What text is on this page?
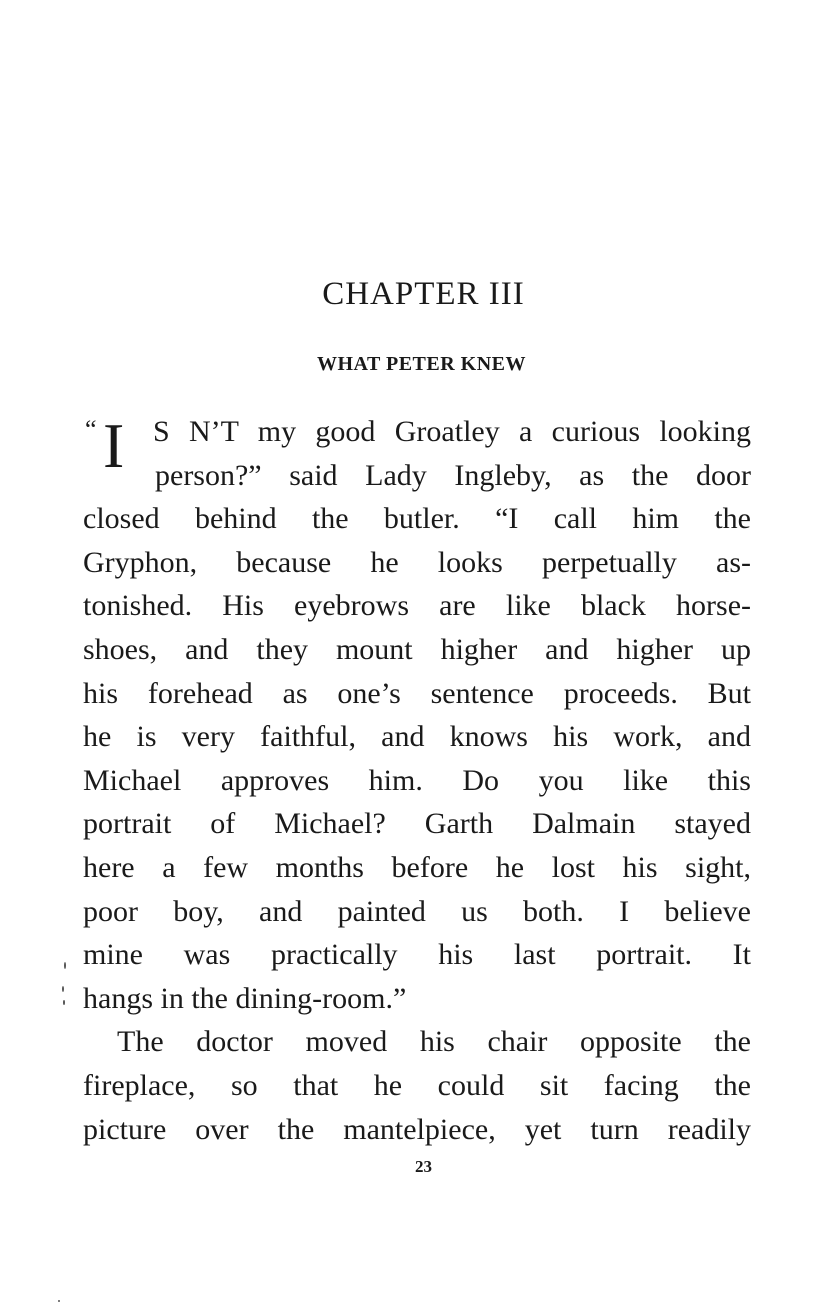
CHAPTER III
WHAT PETER KNEW
“ I S N’T my good Groatley a curious looking
person?” said Lady Ingleby, as the door
closed behind the butler. “I call him the
Gryphon, because he looks perpetually as-
tonished. His eyebrows are like black horse-
shoes, and they mount higher and higher up
his forehead as one’s sentence proceeds. But
he is very faithful, and knows his work, and
Michael approves him. Do you like this
portrait of Michael? Garth Dalmain stayed
here a few months before he lost his sight,
poor boy, and painted us both. I believe
mine was practically his last portrait. It
hangs in the dining-room.”
The doctor moved his chair opposite the
fireplace, so that he could sit facing the
picture over the mantelpiece, yet turn readily
23
